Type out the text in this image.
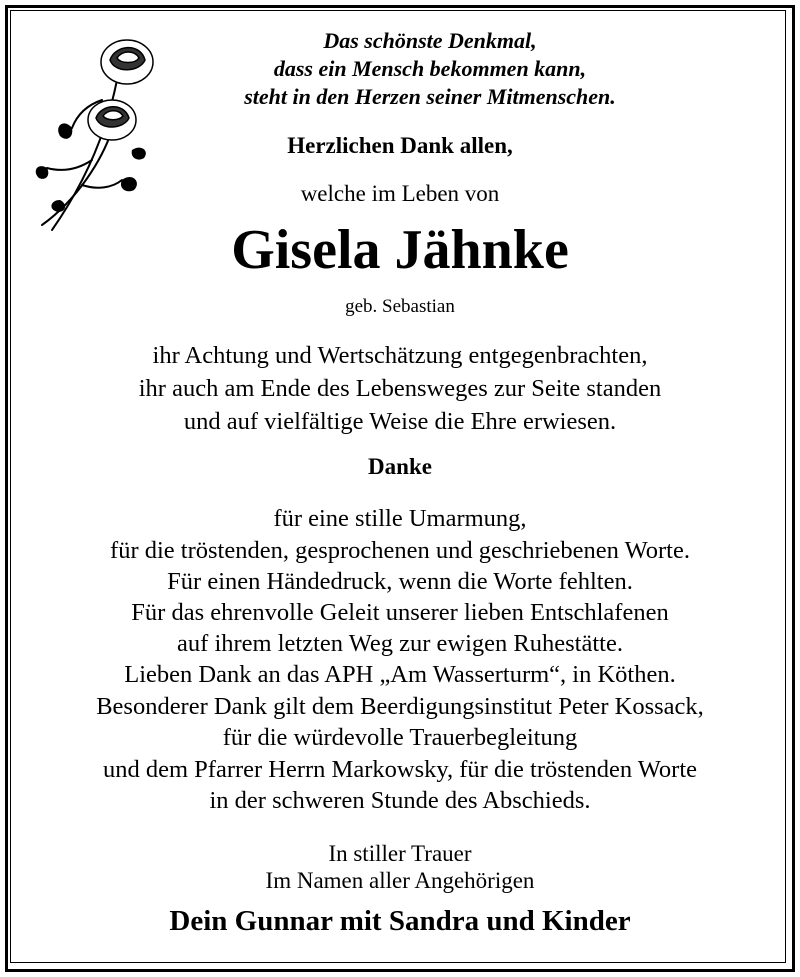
Das schönste Denkmal,
dass ein Mensch bekommen kann,
steht in den Herzen seiner Mitmenschen.
Herzlichen Dank allen,
welche im Leben von
Gisela Jähnke
geb. Sebastian
ihr Achtung und Wertschätzung entgegenbrachten,
ihr auch am Ende des Lebensweges zur Seite standen
und auf vielfältige Weise die Ehre erwiesen.
Danke
für eine stille Umarmung,
für die tröstenden, gesprochenen und geschriebenen Worte.
Für einen Händedruck, wenn die Worte fehlten.
Für das ehrenvolle Geleit unserer lieben Entschlafenen
auf ihrem letzten Weg zur ewigen Ruhestätte.
Lieben Dank an das APH „Am Wasserturm“, in Köthen.
Besonderer Dank gilt dem Beerdigungsinstitut Peter Kossack,
für die würdevolle Trauerbegleitung
und dem Pfarrer Herrn Markowsky, für die tröstenden Worte
in der schweren Stunde des Abschieds.
In stiller Trauer
Im Namen aller Angehörigen
Dein Gunnar mit Sandra und Kinder
